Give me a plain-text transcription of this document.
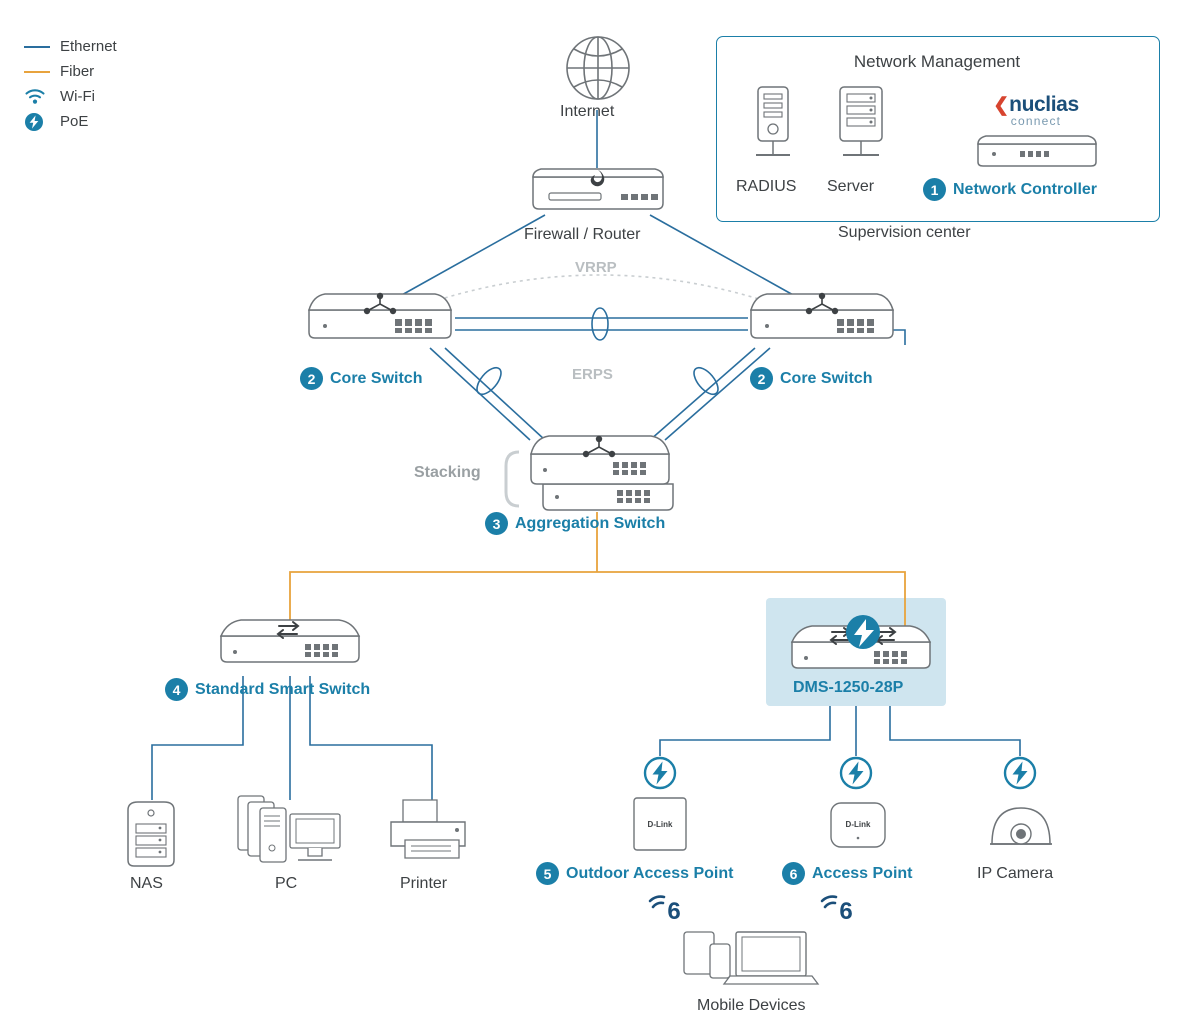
Ethernet
Fiber
Wi-Fi
PoE
Internet
Firewall / Router
Network Management
RADIUS Server
❮nuclias
connect
1 Network Controller
Supervision center
2 Core Switch	2 Core Switch
VRRP
ERPS
Stacking
3 Aggregation Switch
4 Standard Smart Switch	DMS-1250-28P
NAS	PC	Printer
D-Link
5 Outdoor Access Point
6
D-Link
6 Access Point
6
IP Camera
Mobile Devices
